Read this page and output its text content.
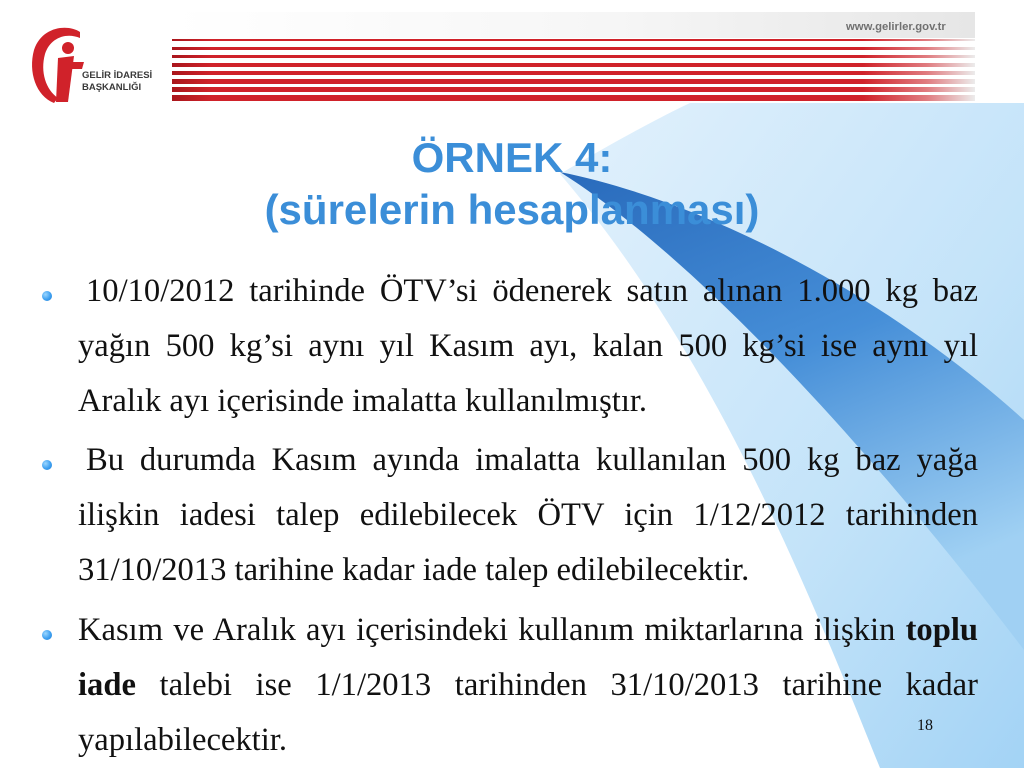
www.gelirler.gov.tr
GELİR İDARESİ
BAŞKANLIĞI
ÖRNEK 4:
(sürelerin hesaplanması)
10/10/2012 tarihinde ÖTV’si ödenerek satın alınan 1.000 kg baz yağın 500 kg’si aynı yıl Kasım ayı, kalan 500 kg’si ise aynı yıl Aralık ayı içerisinde imalatta kullanılmıştır.
Bu durumda Kasım ayında imalatta kullanılan 500 kg baz yağa ilişkin iadesi talep edilebilecek ÖTV için 1/12/2012 tarihinden 31/10/2013 tarihine kadar iade talep edilebilecektir.
Kasım ve Aralık ayı içerisindeki kullanım miktarlarına ilişkin toplu iade talebi ise 1/1/2013 tarihinden 31/10/2013 tarihine kadar yapılabilecektir.	18
